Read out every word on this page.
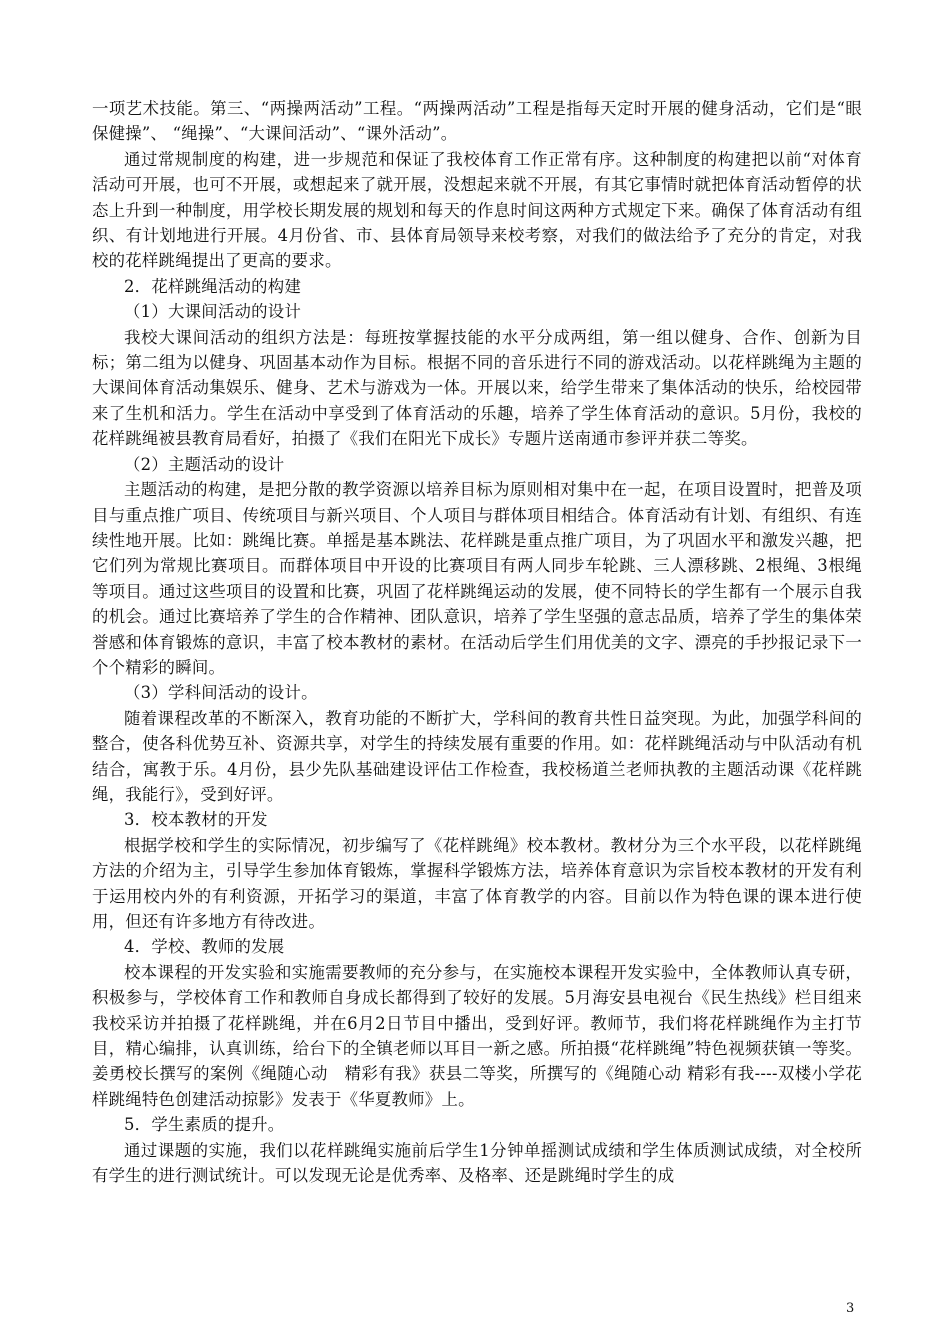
一项艺术技能。第三、“两操两活动”工程。“两操两活动”工程是指每天定时开展的健身活动，它们是“眼保健操”、 “绳操”、“大课间活动”、“课外活动”。

通过常规制度的构建，进一步规范和保证了我校体育工作正常有序。这种制度的构建把以前“对体育活动可开展，也可不开展，或想起来了就开展，没想起来就不开展，有其它事情时就把体育活动暂停的状态上升到一种制度，用学校长期发展的规划和每天的作息时间这两种方式规定下来。确保了体育活动有组织、有计划地进行开展。4月份省、市、县体育局领导来校考察，对我们的做法给予了充分的肯定，对我校的花样跳绳提出了更高的要求。

2．花样跳绳活动的构建

（1）大课间活动的设计

我校大课间活动的组织方法是：每班按掌握技能的水平分成两组，第一组以健身、合作、创新为目标；第二组为以健身、巩固基本动作为目标。根据不同的音乐进行不同的游戏活动。以花样跳绳为主题的大课间体育活动集娱乐、健身、艺术与游戏为一体。开展以来，给学生带来了集体活动的快乐，给校园带来了生机和活力。学生在活动中享受到了体育活动的乐趣，培养了学生体育活动的意识。5月份，我校的花样跳绳被县教育局看好，拍摄了《我们在阳光下成长》专题片送南通市参评并获二等奖。

（2）主题活动的设计

主题活动的构建，是把分散的教学资源以培养目标为原则相对集中在一起，在项目设置时，把普及项目与重点推广项目、传统项目与新兴项目、个人项目与群体项目相结合。体育活动有计划、有组织、有连续性地开展。比如：跳绳比赛。单摇是基本跳法、花样跳是重点推广项目，为了巩固水平和激发兴趣，把它们列为常规比赛项目。而群体项目中开设的比赛项目有两人同步车轮跳、三人漂移跳、2根绳、3根绳等项目。通过这些项目的设置和比赛，巩固了花样跳绳运动的发展，使不同特长的学生都有一个展示自我的机会。通过比赛培养了学生的合作精神、团队意识，培养了学生坚强的意志品质，培养了学生的集体荣誉感和体育锻炼的意识，丰富了校本教材的素材。在活动后学生们用优美的文字、漂亮的手抄报记录下一个个精彩的瞬间。

（3）学科间活动的设计。

随着课程改革的不断深入，教育功能的不断扩大，学科间的教育共性日益突现。为此，加强学科间的整合，使各科优势互补、资源共享，对学生的持续发展有重要的作用。如：花样跳绳活动与中队活动有机结合，寓教于乐。4月份，县少先队基础建设评估工作检查，我校杨道兰老师执教的主题活动课《花样跳绳，我能行》，受到好评。

3．校本教材的开发

根据学校和学生的实际情况，初步编写了《花样跳绳》校本教材。教材分为三个水平段，以花样跳绳方法的介绍为主，引导学生参加体育锻炼，掌握科学锻炼方法，培养体育意识为宗旨校本教材的开发有利于运用校内外的有利资源，开拓学习的渠道，丰富了体育教学的内容。目前以作为特色课的课本进行使用，但还有许多地方有待改进。

4．学校、教师的发展

校本课程的开发实验和实施需要教师的充分参与，在实施校本课程开发实验中，全体教师认真专研，积极参与，学校体育工作和教师自身成长都得到了较好的发展。5月海安县电视台《民生热线》栏目组来我校采访并拍摄了花样跳绳，并在6月2日节目中播出，受到好评。教师节，我们将花样跳绳作为主打节目，精心编排，认真训练，给台下的全镇老师以耳目一新之感。所拍摄“花样跳绳”特色视频获镇一等奖。姜勇校长撰写的案例《绳随心动　精彩有我》获县二等奖，所撰写的《绳随心动 精彩有我----双楼小学花样跳绳特色创建活动掠影》发表于《华夏教师》上。

5．学生素质的提升。

通过课题的实施，我们以花样跳绳实施前后学生1分钟单摇测试成绩和学生体质测试成绩，对全校所有学生的进行测试统计。可以发现无论是优秀率、及格率、还是跳绳时学生的成

3
